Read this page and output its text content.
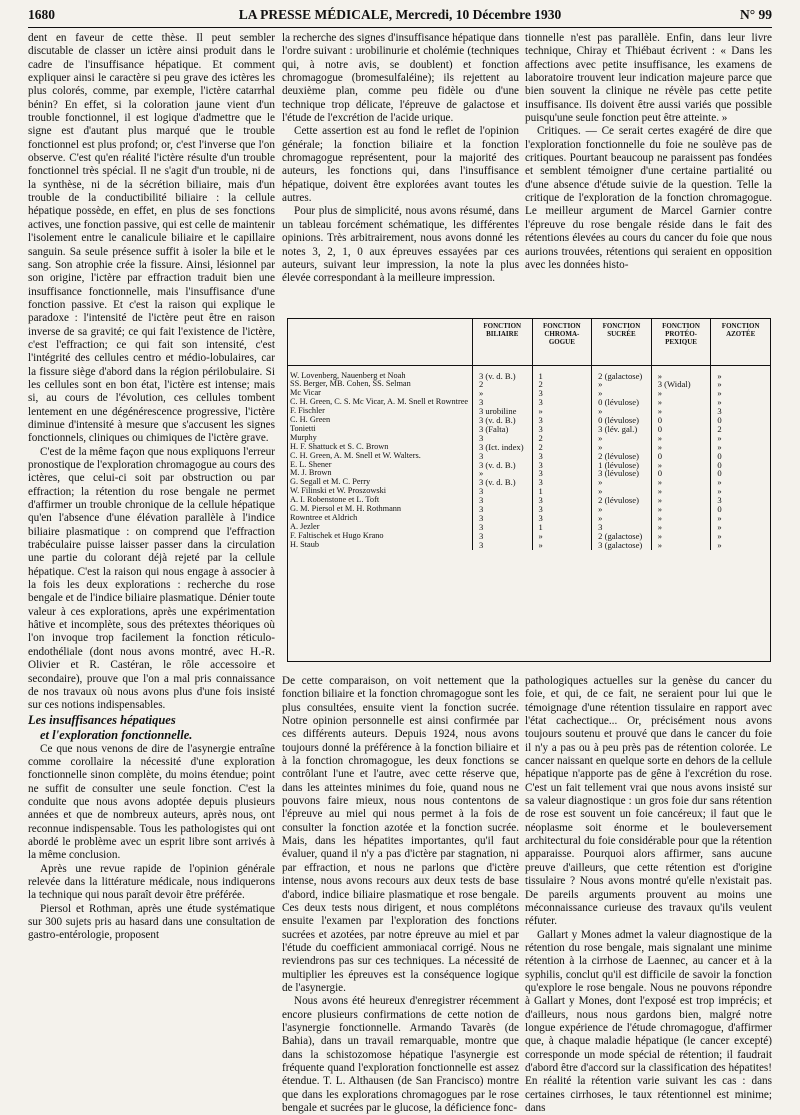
1680	LA PRESSE MÉDICALE, Mercredi, 10 Décembre 1930	N° 99

dent en faveur de cette thèse. Il peut sembler discutable de classer un ictère ainsi produit dans le cadre de l'insuffisance hépatique. Et comment expliquer ainsi le caractère si peu grave des ictères les plus colorés, comme, par exemple, l'ictère catarrhal bénin? En effet, si la coloration jaune vient d'un trouble fonctionnel, il est logique d'admettre que le signe est d'autant plus marqué que le trouble fonctionnel est plus profond; or, c'est l'inverse que l'on observe. C'est qu'en réalité l'ictère résulte d'un trouble fonctionnel très spécial. Il ne s'agit d'un trouble, ni de la synthèse, ni de la sécrétion biliaire, mais d'un trouble de la conductibilité biliaire : la cellule hépatique possède, en effet, en plus de ses fonctions actives, une fonction passive, qui est celle de maintenir l'isolement entre le canalicule biliaire et le capillaire sanguin. Sa seule présence suffit à isoler la bile et le sang. Son atrophie crée la fissure. Ainsi, lésionnel par son origine, l'ictère par effraction traduit bien une insuffisance fonctionnelle, mais l'insuffisance d'une fonction passive. Et c'est la raison qui explique le paradoxe : l'intensité de l'ictère peut être en raison inverse de sa gravité; ce qui fait l'existence de l'ictère, c'est l'effraction; ce qui fait son intensité, c'est l'intégrité des cellules centro et médio-lobulaires, car la fissure siège d'abord dans la région périlobulaire. Si les cellules sont en bon état, l'ictère est intense; mais si, au cours de l'évolution, ces cellules tombent lentement en une dégénérescence progressive, l'ictère diminue d'intensité à mesure que s'accusent les signes fonctionnels, cliniques ou chimiques de l'ictère grave.

C'est de la même façon que nous expliquons l'erreur pronostique de l'exploration chromagogue au cours des ictères, que celui-ci soit par obstruction ou par effraction; la rétention du rose bengale ne permet d'affirmer un trouble chronique de la cellule hépatique qu'en l'absence d'une élévation parallèle à l'indice biliaire plasmatique : on comprend que l'effraction trabéculaire puisse laisser passer dans la circulation une partie du colorant déjà rejeté par la cellule hépatique. C'est la raison qui nous engage à associer à la fois les deux explorations : recherche du rose bengale et de l'indice biliaire plasmatique. Dénier toute valeur à ces explorations, après une expérimentation hâtive et incomplète, sous des prétextes théoriques où l'on invoque trop facilement la fonction réticulo-endothéliale (dont nous avons montré, avec H.-R. Olivier et R. Castéran, le rôle accessoire et secondaire), prouve que l'on a mal pris connaissance de nos travaux où nous avons plus d'une fois insisté sur ces notions indispensables.

Les insuffisances hépatiques
et l'exploration fonctionnelle.

Ce que nous venons de dire de l'asynergie entraîne comme corollaire la nécessité d'une exploration fonctionnelle sinon complète, du moins étendue; point ne suffit de consulter une seule fonction. C'est la conduite que nous avons adoptée depuis plusieurs années et que de nombreux auteurs, après nous, ont reconnue indispensable. Tous les pathologistes qui ont abordé le problème avec un esprit libre sont arrivés à la même conclusion.

Après une revue rapide de l'opinion générale relevée dans la littérature médicale, nous indiquerons la technique qui nous paraît devoir être préférée.

Piersol et Rothman, après une étude systématique sur 300 sujets pris au hasard dans une consultation de gastro-entérologie, proposent

la recherche des signes d'insuffisance hépatique dans l'ordre suivant : urobilinurie et cholémie (techniques qui, à notre avis, se doublent) et fonction chromagogue (bromesulfaléine); ils rejettent au deuxième plan, comme peu fidèle ou d'une technique trop délicate, l'épreuve de galactose et l'étude de l'excrétion de l'acide urique.

Cette assertion est au fond le reflet de l'opinion générale; la fonction biliaire et la fonction chromagogue représentent, pour la majorité des auteurs, les fonctions qui, dans l'insuffisance hépatique, doivent être explorées avant toutes les autres.

Pour plus de simplicité, nous avons résumé, dans un tableau forcément schématique, les différentes opinions. Très arbitrairement, nous avons donné les notes 3, 2, 1, 0 aux épreuves essayées par ces auteurs, suivant leur impression, la note la plus élevée correspondant à la meilleure impression.

tionnelle n'est pas parallèle. Enfin, dans leur livre technique, Chiray et Thiébaut écrivent : « Dans les affections avec petite insuffisance, les examens de laboratoire trouvent leur indication majeure parce que bien souvent la clinique ne révèle pas cette petite insuffisance. Ils doivent être aussi variés que possible puisqu'une seule fonction peut être atteinte. »

Critiques. — Ce serait certes exagéré de dire que l'exploration fonctionnelle du foie ne soulève pas de critiques. Pourtant beaucoup ne paraissent pas fondées et semblent témoigner d'une certaine partialité ou d'une absence d'étude suivie de la question. Telle la critique de l'exploration de la fonction chromagogue. Le meilleur argument de Marcel Garnier contre l'épreuve du rose bengale réside dans le fait des rétentions élevées au cours du cancer du foie que nous aurions trouvées, rétentions qui seraient en opposition avec les données histo-

	FONCTION BILIAIRE	FONCTION CHROMA- GOGUE	FONCTION SUCRÉE	FONCTION PROTÉO- PEXIQUE	FONCTION AZOTÉE

W. Lovenberg, Nauenberg et Noah	3 (v. d. B.)	1	2 (galactose)	»	»
SS. Berger, MB. Cohen, SS. Selman	2	2	»	3 (Widal)	»
Mc Vicar	»	3	»	»	»
C. H. Green, C. S. Mc Vicar, A. M. Snell et Rowntree	3	3	0 (lévulose)	»	»
F. Fischler	3 urobiline	»	»	»	3
C. H. Green	3 (v. d. B.)	3	0 (lévulose)	0	0
Tonietti	3 (Falta)	3	3 (lév. gal.)	0	2
Murphy	3	2	»	»	»
H. F. Shattuck et S. C. Brown	3 (Ict. index)	2	»	»	»
C. H. Green, A. M. Snell et W. Walters.	3	3	2 (lévulose)	0	0
E. L. Shener	3 (v. d. B.)	3	1 (lévulose)	»	0
M. J. Brown	»	3	3 (lévulose)	0	0
G. Segall et M. C. Perry	3 (v. d. B.)	3	»	»	»
W. Filinski et W. Proszowski	3	1	»	»	»
A. I. Robenstone et L. Toft	3	3	2 (lévulose)	»	3
G. M. Piersol et M. H. Rothmann	3	3	»	»	0
Rowntree et Aldrich	3	3	»	»	»
A. Jezler	3	1	3	»	»
F. Faltischek et Hugo Krano	3	»	2 (galactose)	»	»
H. Staub	3	»	3 (galactose)	»	»

De cette comparaison, on voit nettement que la fonction biliaire et la fonction chromagogue sont les plus consultées, ensuite vient la fonction sucrée. Notre opinion personnelle est ainsi confirmée par ces différents auteurs. Depuis 1924, nous avons toujours donné la préférence à la fonction biliaire et à la fonction chromagogue, les deux fonctions se contrôlant l'une et l'autre, avec cette réserve que, dans les atteintes minimes du foie, quand nous ne pouvons faire mieux, nous nous contentons de l'épreuve au miel qui nous permet à la fois de consulter la fonction azotée et la fonction sucrée. Mais, dans les hépatites importantes, qu'il faut évaluer, quand il n'y a pas d'ictère par stagnation, ni par effraction, et nous ne parlons que d'ictère intense, nous avons recours aux deux tests de base d'abord, indice biliaire plasmatique et rose bengale. Ces deux tests nous dirigent, et nous complétons ensuite l'examen par l'exploration des fonctions sucrées et azotées, par notre épreuve au miel et par l'étude du coefficient ammoniacal corrigé. Nous ne reviendrons pas sur ces techniques. La nécessité de multiplier les épreuves est la conséquence logique de l'asynergie.

Nous avons été heureux d'enregistrer récemment encore plusieurs confirmations de cette notion de l'asynergie fonctionnelle. Armando Tavarès (de Bahia), dans un travail remarquable, montre que dans la schistozomose hépatique l'asynergie est fréquente quand l'exploration fonctionnelle est assez étendue. T. L. Althausen (de San Francisco) montre que dans les explorations chromagogues par le rose bengale et sucrées par le glucose, la déficience fonc-

pathologiques actuelles sur la genèse du cancer du foie, et qui, de ce fait, ne seraient pour lui que le témoignage d'une rétention tissulaire en rapport avec l'état cachectique... Or, précisément nous avons toujours soutenu et prouvé que dans le cancer du foie il n'y a pas ou à peu près pas de rétention colorée. Le cancer naissant en quelque sorte en dehors de la cellule hépatique n'apporte pas de gêne à l'excrétion du rose. C'est un fait tellement vrai que nous avons insisté sur sa valeur diagnostique : un gros foie dur sans rétention de rose est souvent un foie cancéreux; il faut que le néoplasme soit énorme et le bouleversement architectural du foie considérable pour que la rétention apparaisse. Pourquoi alors affirmer, sans aucune preuve d'ailleurs, que cette rétention est d'origine tissulaire ? Nous avons montré qu'elle n'existait pas. De pareils arguments prouvent au moins une méconnaissance curieuse des travaux qu'ils veulent réfuter.

Gallart y Mones admet la valeur diagnostique de la rétention du rose bengale, mais signalant une minime rétention à la cirrhose de Laennec, au cancer et à la syphilis, conclut qu'il est difficile de savoir la fonction qu'explore le rose bengale. Nous ne pouvons répondre à Gallart y Mones, dont l'exposé est trop imprécis; et d'ailleurs, nous nous gardons bien, malgré notre longue expérience de l'étude chromagogue, d'affirmer que, à chaque maladie hépatique (le cancer excepté) corresponde un mode spécial de rétention; il faudrait d'abord être d'accord sur la classification des hépatites! En réalité la rétention varie suivant les cas : dans certaines cirrhoses, le taux rétentionnel est minime; dans
